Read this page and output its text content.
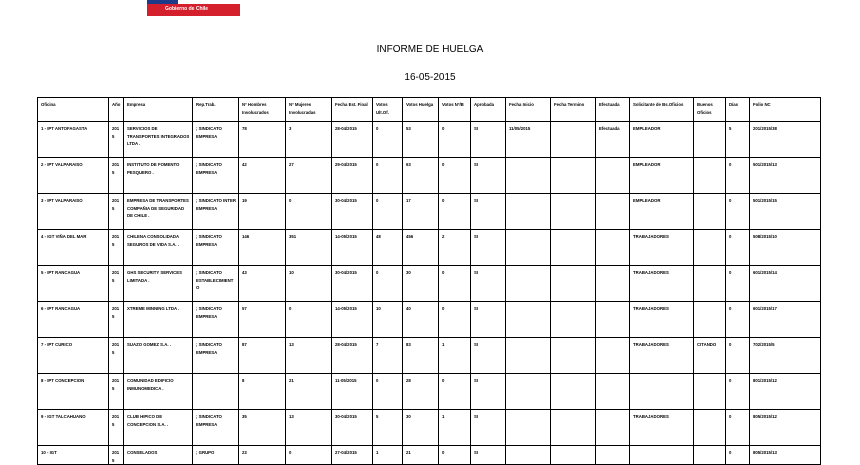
Gobierno de Chile
INFORME DE HUELGA
16-05-2015
Oficina	Año	Empresa	Rep.Trab.	Nº Hombres Involucrados	Nº Mujeres Involucradas	Fecha Est. Final	Votos Ult.Of.	Votos Huelga	Votos Nº/B	Aprobada	Fecha Inicio	Fecha Termino	Efectuada	Solicitante de Bs.Oficios	Buenos Oficios	Días	Folio NC
1 - IPT ANTOFAGASTA	2015	SERVICIOS DE TRANSPORTES INTEGRADOS LTDA .	; SINDICATO EMPRESA	78	3	28-04/2015	0	53	0	SI	11/05/2015		Efectuada	EMPLEADOR		5	201/2015/38
2 - IPT VALPARAISO	2015	INSTITUTO DE FOMENTO PESQUERO .	; SINDICATO EMPRESA	42	27	29-04/2015	0	63	0	SI				EMPLEADOR		0	501/2015/13
3 - IPT VALPARAISO	2015	EMPRESA DE TRANSPORTES COMPAÑIA DE SEGURIDAD DE CHILE .	; SINDICATO INTER EMPRESA	19	0	30-04/2015	0	17	0	SI				EMPLEADOR		0	501/2015/15
4 - IGT VIÑA DEL MAR	2015	CHILENA CONSOLIDADA SEGUROS DE VIDA S.A. .	; SINDICATO EMPRESA	146	351	14-05/2015	48	456	2	SI				TRABAJADORES		0	508/2015/10
5 - IPT RANCAGUA	2015	GHS SECURITY SERVICES LIMITADA .	; SINDICATO ESTABLECIMIENTO	43	10	30-04/2015	0	30	0	SI				TRABAJADORES		0	601/2015/14
6 - IPT RANCAGUA	2015	XTREME MINNING LTDA .	; SINDICATO EMPRESA	57	0	14-05/2015	10	40	0	SI				TRABAJADORES		0	601/2015/17
7 - IPT CURICO	2015	SUAZO GOMEZ S.A. .	; SINDICATO EMPRESA	87	13	28-04/2015	7	83	1	SI				TRABAJADORES	CITANDO	0	702/2015/5
8 - IPT CONCEPCION	2015	COMUNIDAD EDIFICIO INMUNOMEDICA .		8	21	11-05/2015	0	28	0	SI						0	801/2015/12
9 - IGT TALCAHUANO	2015	CLUB HIPICO DE CONCEPCION S.A. .	; SINDICATO EMPRESA	35	13	30-04/2015	5	30	1	SI				TRABAJADORES		0	805/2015/12
10 - IGT	2015	CONSELADOS	; GRUPO	23	0	27-04/2015	1	21	0	SI						0	805/2015/13
